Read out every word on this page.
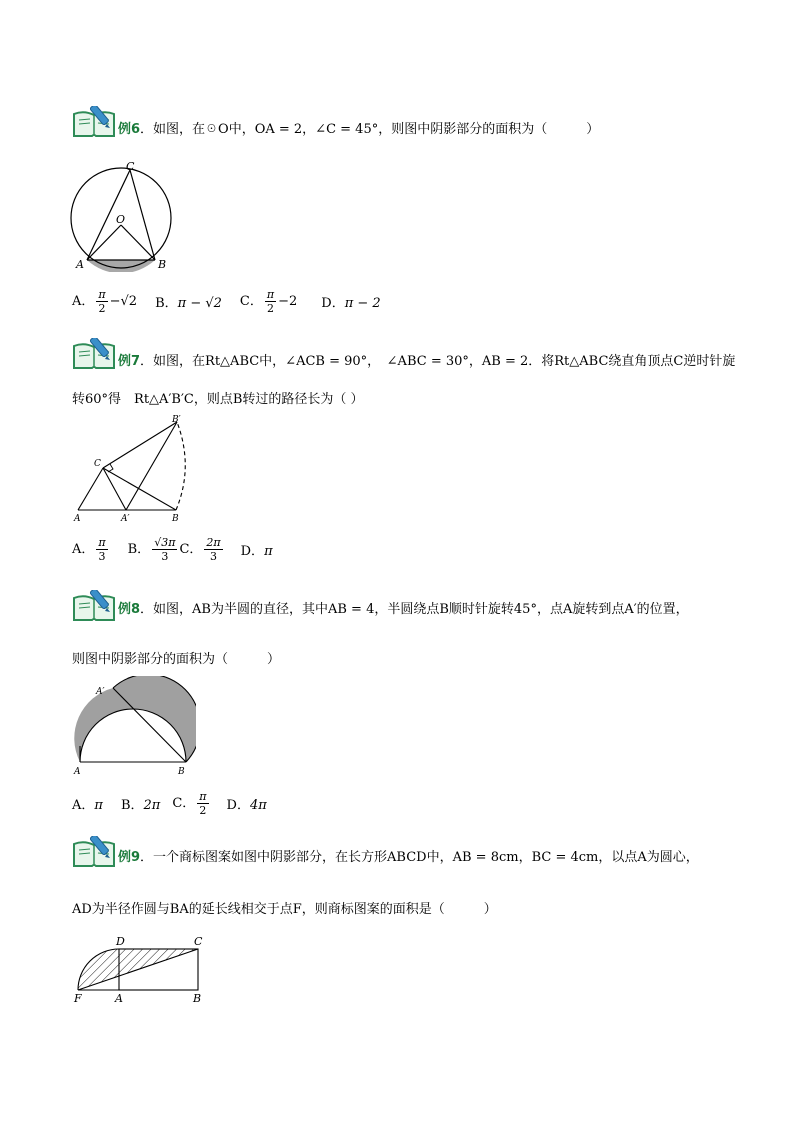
例6．如图，在☉O中，OA = 2，∠C = 45°，则图中阴影部分的面积为（　　　）
C
O
A	B
A． $\frac{\pi}{2} -√2$ B．π − √2 C． $\frac{\pi}{2} -2$ D．π − 2
例7．如图，在Rt△ABC中，∠ACB = 90°，　∠ABC = 30°，AB = 2．将Rt△ABC绕直角顶点C逆时针旋
转60°得　Rt△A′B′C，则点B转过的路径长为（ ）
B′
C
A	A′	B
A． $\frac{\pi}{3}$ B． $\frac{√3\pi}{3}$ C． $\frac{2\pi}{3}$ D．π
例8．如图，AB为半圆的直径，其中AB = 4，半圆绕点B顺时针旋转45°，点A旋转到点A′的位置，
则图中阴影部分的面积为（　　　）
A′
A	B
A．π B．2π C． $\frac{\pi}{2}$ D．4π
例9．一个商标图案如图中阴影部分，在长方形ABCD中，AB = 8cm，BC = 4cm，以点A为圆心，
AD为半径作圆与BA的延长线相交于点F，则商标图案的面积是（　　　）
D	C
F	A	B
